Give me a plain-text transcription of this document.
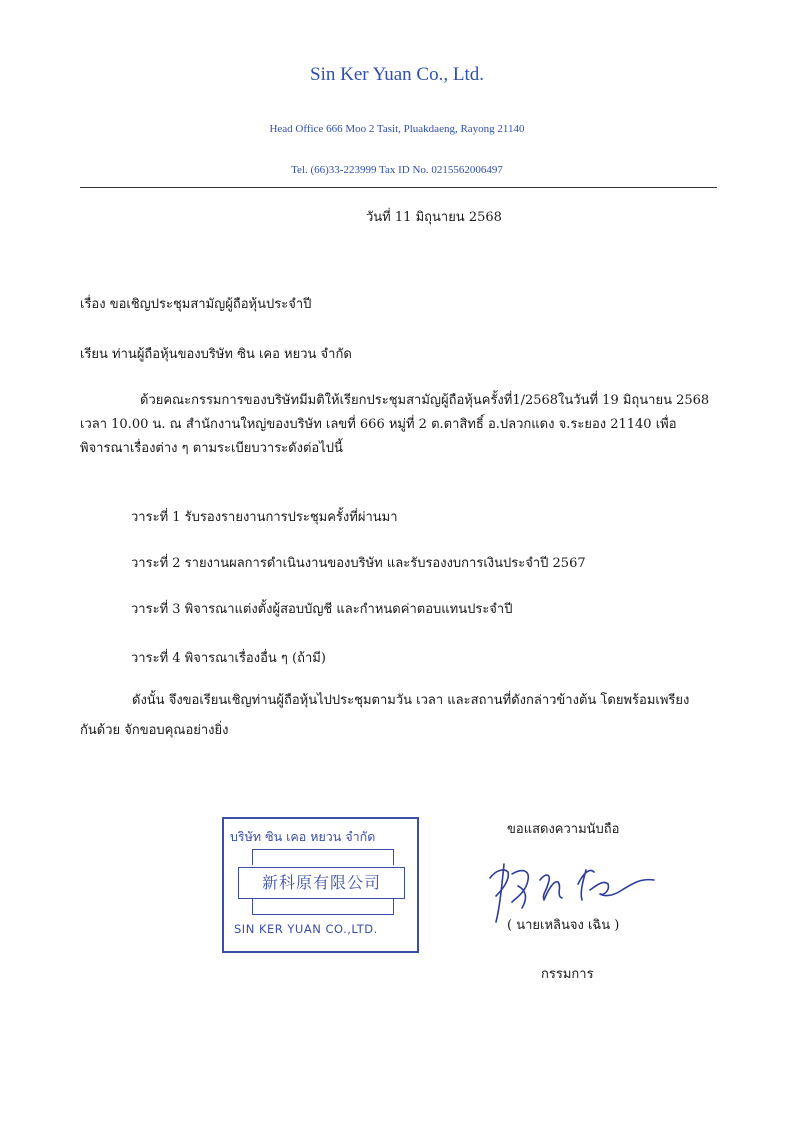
Sin Ker Yuan Co., Ltd.
Head Office 666 Moo 2 Tasit, Pluakdaeng, Rayong 21140
Tel. (66)33-223999 Tax ID No. 0215562006497
วันที่ 11 มิถุนายน 2568
เรื่อง ขอเชิญประชุมสามัญผู้ถือหุ้นประจำปี
เรียน ท่านผู้ถือหุ้นของบริษัท ซิน เคอ หยวน จำกัด
ด้วยคณะกรรมการของบริษัทมีมติให้เรียกประชุมสามัญผู้ถือหุ้นครั้งที่1/2568ในวันที่ 19 มิถุนายน 2568
เวลา 10.00 น. ณ สำนักงานใหญ่ของบริษัท เลขที่ 666 หมู่ที่ 2 ต.ตาสิทธิ์ อ.ปลวกแดง จ.ระยอง 21140 เพื่อ
พิจารณาเรื่องต่าง ๆ ตามระเบียบวาระดังต่อไปนี้
วาระที่ 1 รับรองรายงานการประชุมครั้งที่ผ่านมา
วาระที่ 2 รายงานผลการดำเนินงานของบริษัท และรับรองงบการเงินประจำปี 2567
วาระที่ 3 พิจารณาแต่งตั้งผู้สอบบัญชี และกำหนดค่าตอบแทนประจำปี
วาระที่ 4 พิจารณาเรื่องอื่น ๆ (ถ้ามี)
ดังนั้น จึงขอเรียนเชิญท่านผู้ถือหุ้นไปประชุมตามวัน เวลา และสถานที่ดังกล่าวข้างต้น โดยพร้อมเพรียง
กันด้วย จักขอบคุณอย่างยิ่ง
บริษัท ซิน เคอ หยวน จำกัด
新科原有限公司
SIN KER YUAN CO.,LTD.
ขอแสดงความนับถือ
( นายเหลินจง เฉิน )
กรรมการ
